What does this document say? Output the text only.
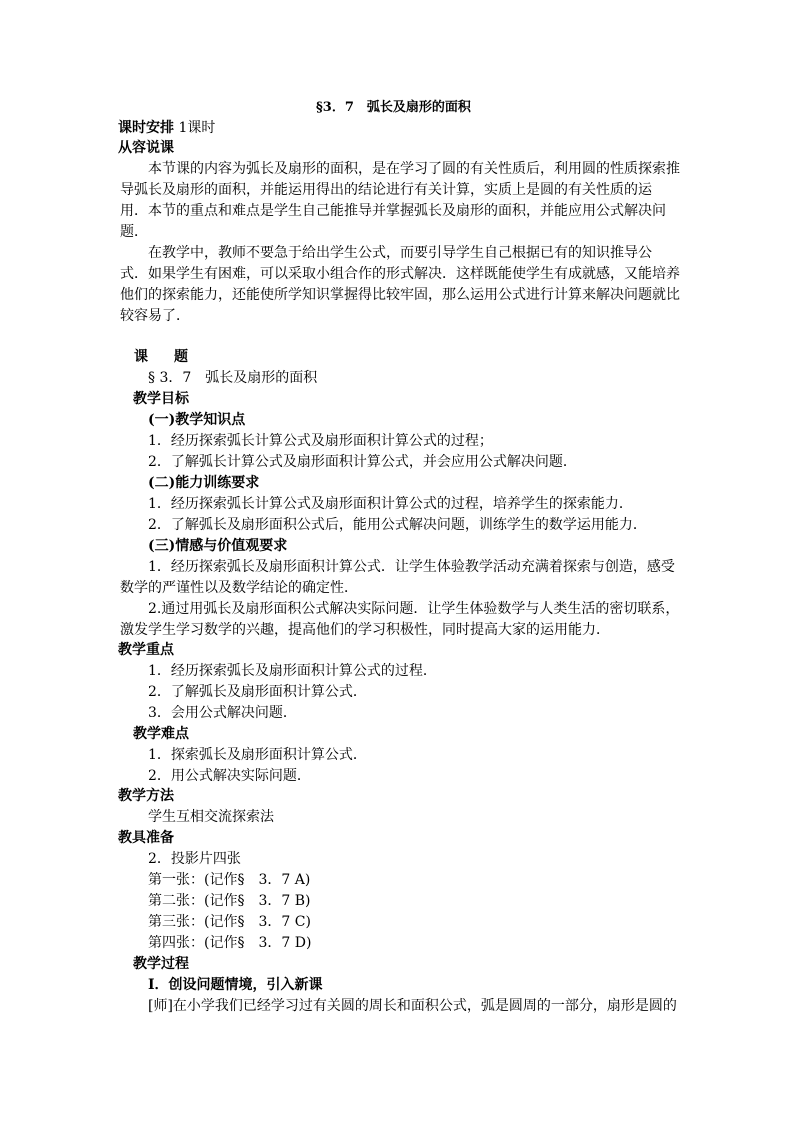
§3．7　弧长及扇形的面积
课时安排 1课时
从容说课
本节课的内容为弧长及扇形的面积，是在学习了圆的有关性质后，利用圆的性质探索推
导弧长及扇形的面积，并能运用得出的结论进行有关计算，实质上是圆的有关性质的运
用．本节的重点和难点是学生自己能推导并掌握弧长及扇形的面积，并能应用公式解决问
题．
在教学中，教师不要急于给出学生公式，而要引导学生自己根据已有的知识推导公
式．如果学生有困难，可以采取小组合作的形式解决．这样既能使学生有成就感，又能培养
他们的探索能力，还能使所学知识掌握得比较牢固，那么运用公式进行计算来解决问题就比
较容易了．
课 题
§ 3．7　弧长及扇形的面积
教学目标
(一)教学知识点
1．经历探索弧长计算公式及扇形面积计算公式的过程；
2．了解弧长计算公式及扇形面积计算公式，并会应用公式解决问题．
(二)能力训练要求
1．经历探索弧长计算公式及扇形面积计算公式的过程，培养学生的探索能力．
2．了解弧长及扇形面积公式后，能用公式解决问题，训练学生的数学运用能力．
(三)情感与价值观要求
1．经历探索弧长及扇形面积计算公式．让学生体验教学活动充满着探索与创造，感受
数学的严谨性以及数学结论的确定性．
2.通过用弧长及扇形面积公式解决实际问题．让学生体验数学与人类生活的密切联系，
激发学生学习数学的兴趣，提高他们的学习积极性，同时提高大家的运用能力．
教学重点
1．经历探索弧长及扇形面积计算公式的过程．
2．了解弧长及扇形面积计算公式．
3．会用公式解决问题．
教学难点
1．探索弧长及扇形面积计算公式．
2．用公式解决实际问题．
教学方法
学生互相交流探索法
教具准备
2．投影片四张
第一张：(记作§　3．7 A)
第二张：(记作§　3．7 B)
第三张：(记作§　3．7 C)
第四张：(记作§　3．7 D)
教学过程
Ⅰ．创设问题情境，引入新课
[师]在小学我们已经学习过有关圆的周长和面积公式，弧是圆周的一部分，扇形是圆的
